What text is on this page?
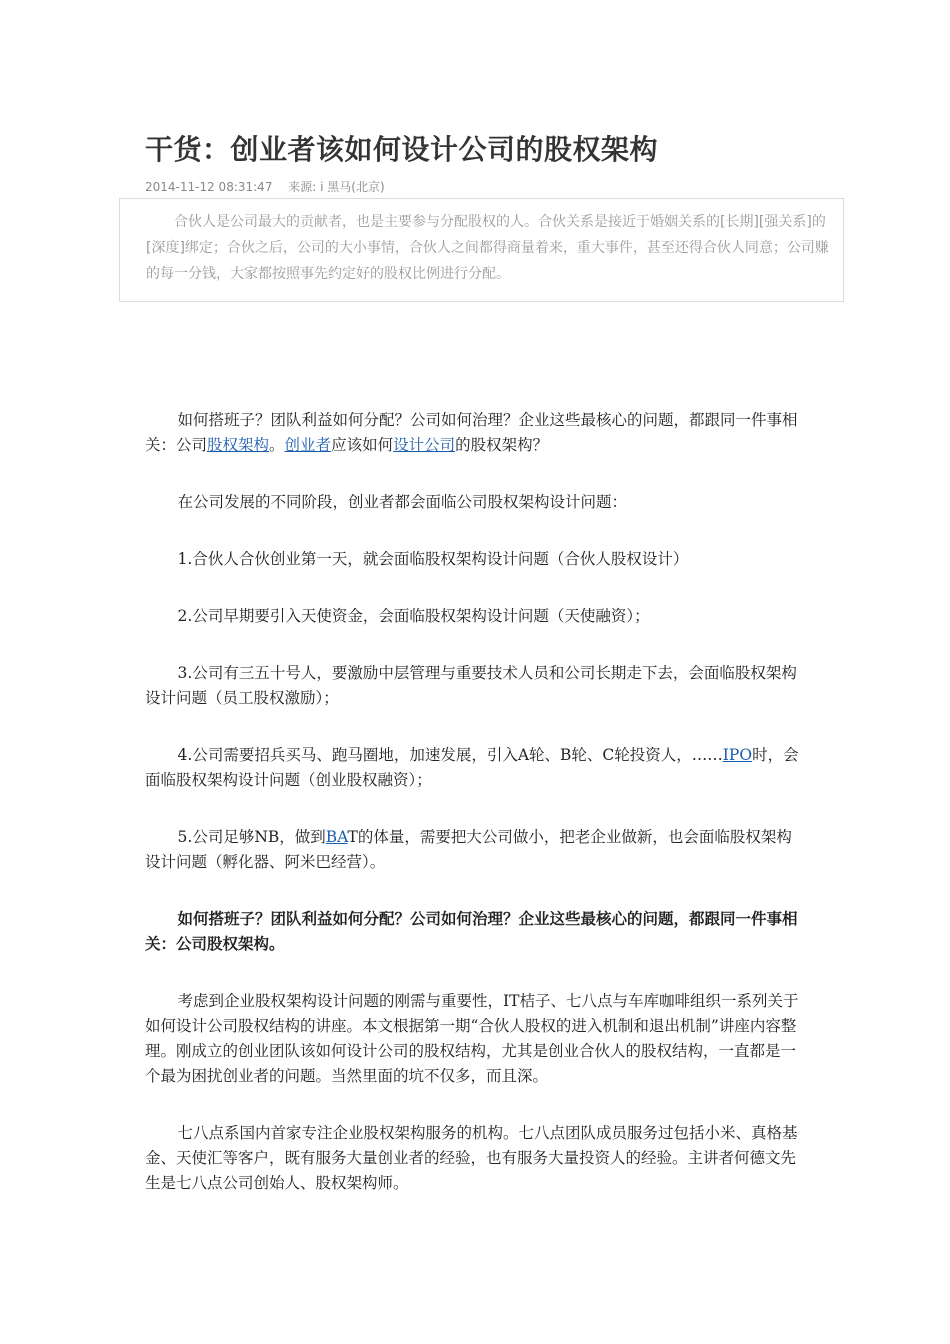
干货：创业者该如何设计公司的股权架构
2014-11-12 08:31:47 来源: i 黑马(北京)

合伙人是公司最大的贡献者，也是主要参与分配股权的人。合伙关系是接近于婚姻关系的[长期][强关系]的[深度]绑定；合伙之后，公司的大小事情，合伙人之间都得商量着来，重大事件，甚至还得合伙人同意；公司赚的每一分钱，大家都按照事先约定好的股权比例进行分配。

如何搭班子？团队利益如何分配？公司如何治理？企业这些最核心的问题，都跟同一件事相关：公司股权架构。创业者应该如何设计公司的股权架构？

在公司发展的不同阶段，创业者都会面临公司股权架构设计问题：

1.合伙人合伙创业第一天，就会面临股权架构设计问题（合伙人股权设计）

2.公司早期要引入天使资金，会面临股权架构设计问题（天使融资）；

3.公司有三五十号人，要激励中层管理与重要技术人员和公司长期走下去，会面临股权架构设计问题（员工股权激励）；

4.公司需要招兵买马、跑马圈地，加速发展，引入A轮、B轮、C轮投资人，……IPO时，会面临股权架构设计问题（创业股权融资）；

5.公司足够NB，做到BAT的体量，需要把大公司做小，把老企业做新，也会面临股权架构设计问题（孵化器、阿米巴经营）。

如何搭班子？团队利益如何分配？公司如何治理？企业这些最核心的问题，都跟同一件事相关：公司股权架构。

考虑到企业股权架构设计问题的刚需与重要性，IT桔子、七八点与车库咖啡组织一系列关于如何设计公司股权结构的讲座。本文根据第一期“合伙人股权的进入机制和退出机制”讲座内容整理。刚成立的创业团队该如何设计公司的股权结构，尤其是创业合伙人的股权结构，一直都是一个最为困扰创业者的问题。当然里面的坑不仅多，而且深。

七八点系国内首家专注企业股权架构服务的机构。七八点团队成员服务过包括小米、真格基金、天使汇等客户，既有服务大量创业者的经验，也有服务大量投资人的经验。主讲者何德文先生是七八点公司创始人、股权架构师。
